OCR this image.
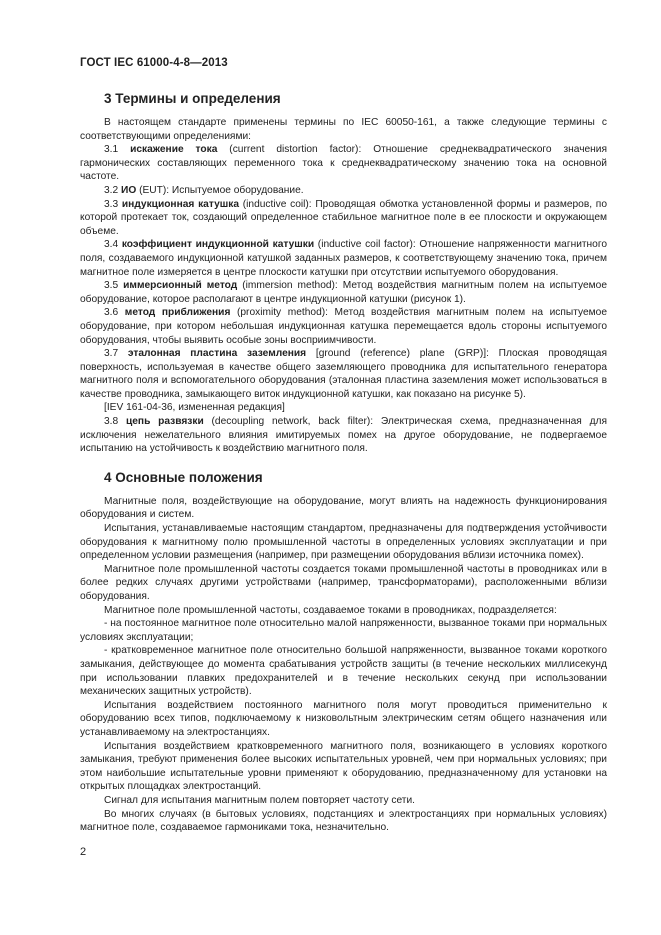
ГОСТ IEC 61000-4-8—2013
3 Термины и определения

В настоящем стандарте применены термины по IEC 60050-161, а также следующие термины с соответствующими определениями:

3.1 искажение тока (current distortion factor): Отношение среднеквадратического значения гармонических составляющих переменного тока к среднеквадратическому значению тока на основной частоте.

3.2 ИО (EUT): Испытуемое оборудование.

3.3 индукционная катушка (inductive coil): Проводящая обмотка установленной формы и размеров, по которой протекает ток, создающий определенное стабильное магнитное поле в ее плоскости и окружающем объеме.

3.4 коэффициент индукционной катушки (inductive coil factor): Отношение напряженности магнитного поля, создаваемого индукционной катушкой заданных размеров, к соответствующему значению тока, причем магнитное поле измеряется в центре плоскости катушки при отсутствии испытуемого оборудования.

3.5 иммерсионный метод (immersion method): Метод воздействия магнитным полем на испытуемое оборудование, которое располагают в центре индукционной катушки (рисунок 1).

3.6 метод приближения (proximity method): Метод воздействия магнитным полем на испытуемое оборудование, при котором небольшая индукционная катушка перемещается вдоль стороны испытуемого оборудования, чтобы выявить особые зоны восприимчивости.

3.7 эталонная пластина заземления [ground (reference) plane (GRP)]: Плоская проводящая поверхность, используемая в качестве общего заземляющего проводника для испытательного генератора магнитного поля и вспомогательного оборудования (эталонная пластина заземления может использоваться в качестве проводника, замыкающего виток индукционной катушки, как показано на рисунке 5).

[IEV 161-04-36, измененная редакция]

3.8 цепь развязки (decoupling network, back filter): Электрическая схема, предназначенная для исключения нежелательного влияния имитируемых помех на другое оборудование, не подвергаемое испытанию на устойчивость к воздействию магнитного поля.

4 Основные положения

Магнитные поля, воздействующие на оборудование, могут влиять на надежность функционирования оборудования и систем.

Испытания, устанавливаемые настоящим стандартом, предназначены для подтверждения устойчивости оборудования к магнитному полю промышленной частоты в определенных условиях эксплуатации и при определенном условии размещения (например, при размещении оборудования вблизи источника помех).

Магнитное поле промышленной частоты создается токами промышленной частоты в проводниках или в более редких случаях другими устройствами (например, трансформаторами), расположенными вблизи оборудования.

Магнитное поле промышленной частоты, создаваемое токами в проводниках, подразделяется:

- на постоянное магнитное поле относительно малой напряженности, вызванное токами при нормальных условиях эксплуатации;

- кратковременное магнитное поле относительно большой напряженности, вызванное токами короткого замыкания, действующее до момента срабатывания устройств защиты (в течение нескольких миллисекунд при использовании плавких предохранителей и в течение нескольких секунд при использовании механических защитных устройств).

Испытания воздействием постоянного магнитного поля могут проводиться применительно к оборудованию всех типов, подключаемому к низковольтным электрическим сетям общего назначения или устанавливаемому на электростанциях.

Испытания воздействием кратковременного магнитного поля, возникающего в условиях короткого замыкания, требуют применения более высоких испытательных уровней, чем при нормальных условиях; при этом наибольшие испытательные уровни применяют к оборудованию, предназначенному для установки на открытых площадках электростанций.

Сигнал для испытания магнитным полем повторяет частоту сети.

Во многих случаях (в бытовых условиях, подстанциях и электростанциях при нормальных условиях) магнитное поле, создаваемое гармониками тока, незначительно.

2
